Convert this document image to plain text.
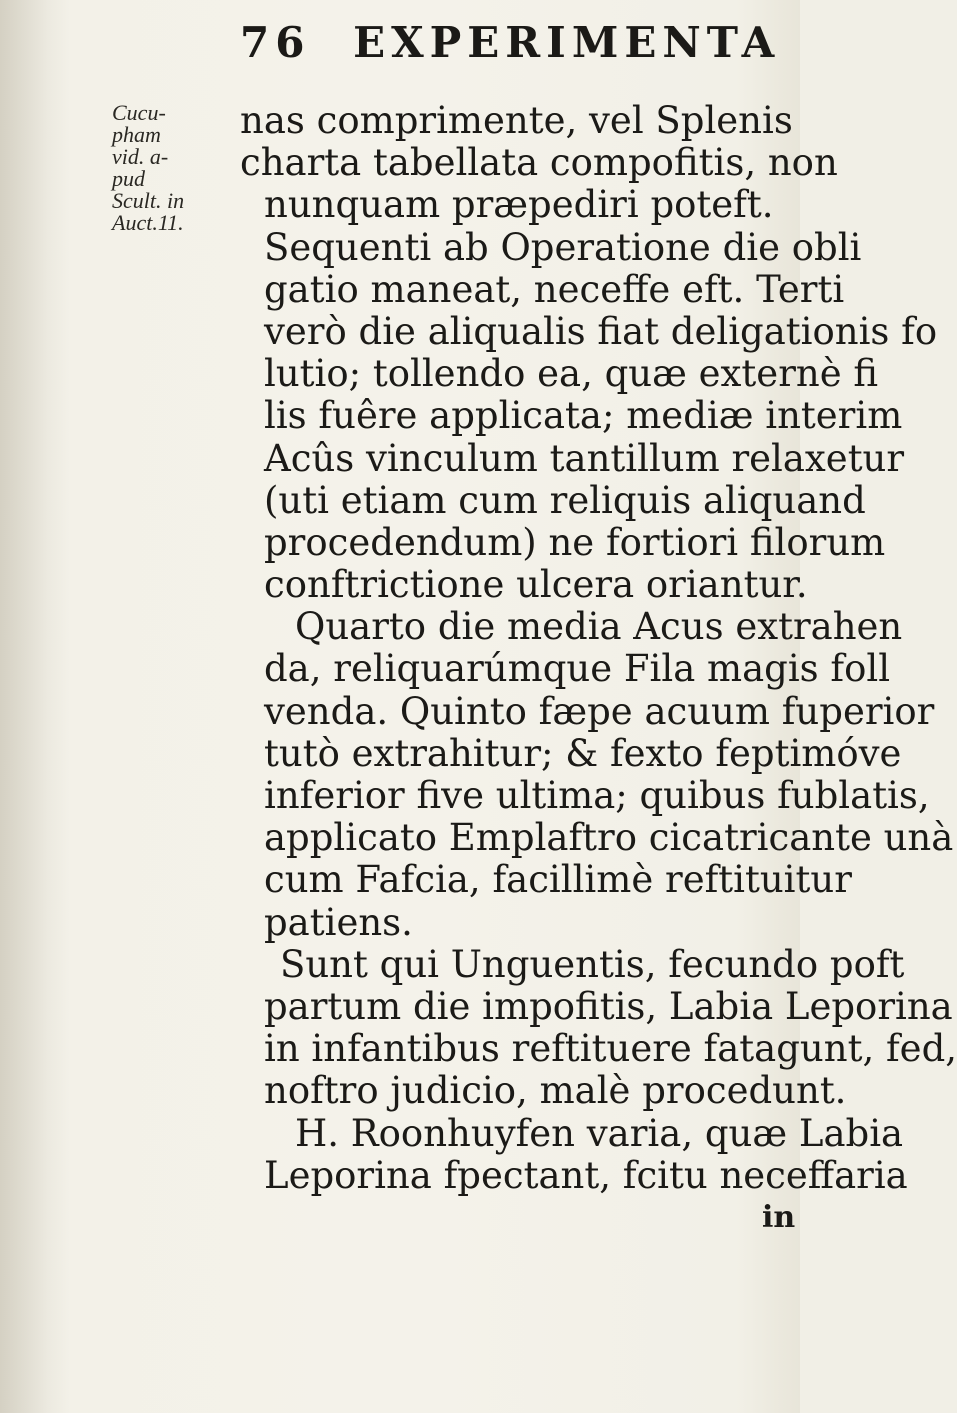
76 EXPERIMENTA
Cucu-
pham
vid. a-
pud
Scult. in
Auct.11.
nas comprimente, vel Splenis
charta tabellata compofitis, non
nunquam præpediri poteft.
Sequenti ab Operatione die obli
gatio maneat, neceffe eft. Terti
verò die aliqualis fiat deligationis fo
lutio; tollendo ea, quæ externè fi
lis fuêre applicata; mediæ interim
Acûs vinculum tantillum relaxetur
(uti etiam cum reliquis aliquand
procedendum) ne fortiori filorum
conftrictione ulcera oriantur.
Quarto die media Acus extrahen
da, reliquarúmque Fila magis foll
venda. Quinto fæpe acuum fuperior
tutò extrahitur; & fexto feptimóve
inferior five ultima; quibus fublatis,
applicato Emplaftro cicatricante unà
cum Fafcia, facillimè reftituitur
patiens.
Sunt qui Unguentis, fecundo poft
partum die impofitis, Labia Leporina
in infantibus reftituere fatagunt, fed,
noftro judicio, malè procedunt.
H. Roonhuyfen varia, quæ Labia
Leporina fpectant, fcitu neceffaria
in
